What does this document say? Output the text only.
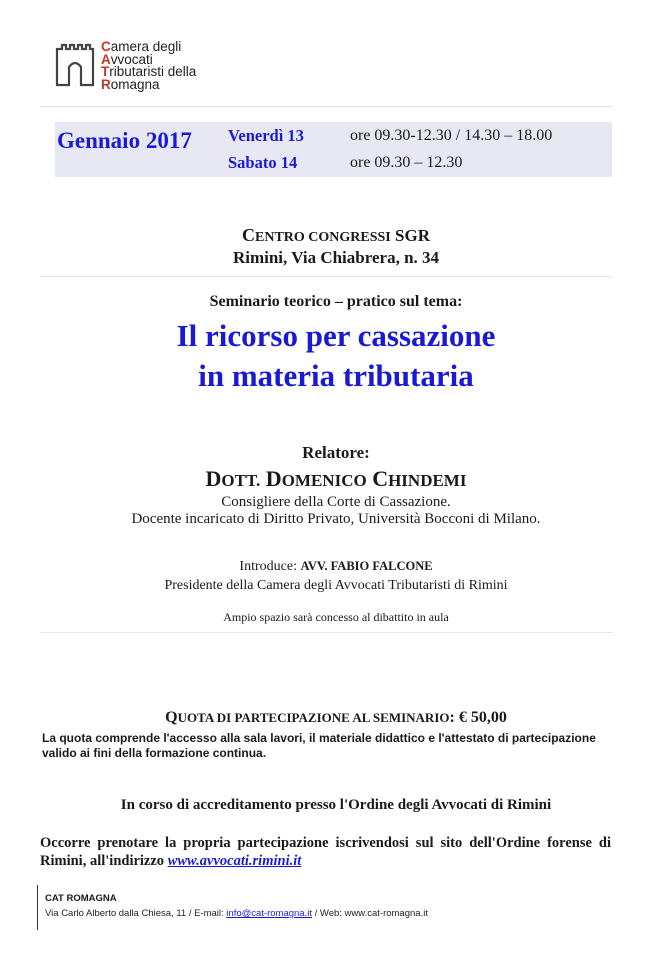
Camera degli
Avvocati
Tributaristi della
Romagna
Gennaio 2017 Venerdì 13	ore 09.30-12.30 / 14.30 – 18.00
Sabato 14	ore 09.30 – 12.30
CENTRO CONGRESSI SGR
Rimini, Via Chiabrera, n. 34
Seminario teorico – pratico sul tema:
Il ricorso per cassazione
in materia tributaria
Relatore:
DOTT. DOMENICO CHINDEMI
Consigliere della Corte di Cassazione.
Docente incaricato di Diritto Privato, Università Bocconi di Milano.
Introduce: AVV. FABIO FALCONE
Presidente della Camera degli Avvocati Tributaristi di Rimini
Ampio spazio sarà concesso al dibattito in aula
QUOTA DI PARTECIPAZIONE AL SEMINARIO: € 50,00
La quota comprende l'accesso alla sala lavori, il materiale didattico e l'attestato di partecipazione
valido ai fini della formazione continua.
In corso di accreditamento presso l'Ordine degli Avvocati di Rimini
Occorre prenotare la propria partecipazione iscrivendosi sul sito dell'Ordine forense di
Rimini, all'indirizzo www.avvocati.rimini.it
CAT ROMAGNA
Via Carlo Alberto dalla Chiesa, 11 / E-mail: info@cat-romagna.it / Web: www.cat-romagna.it
